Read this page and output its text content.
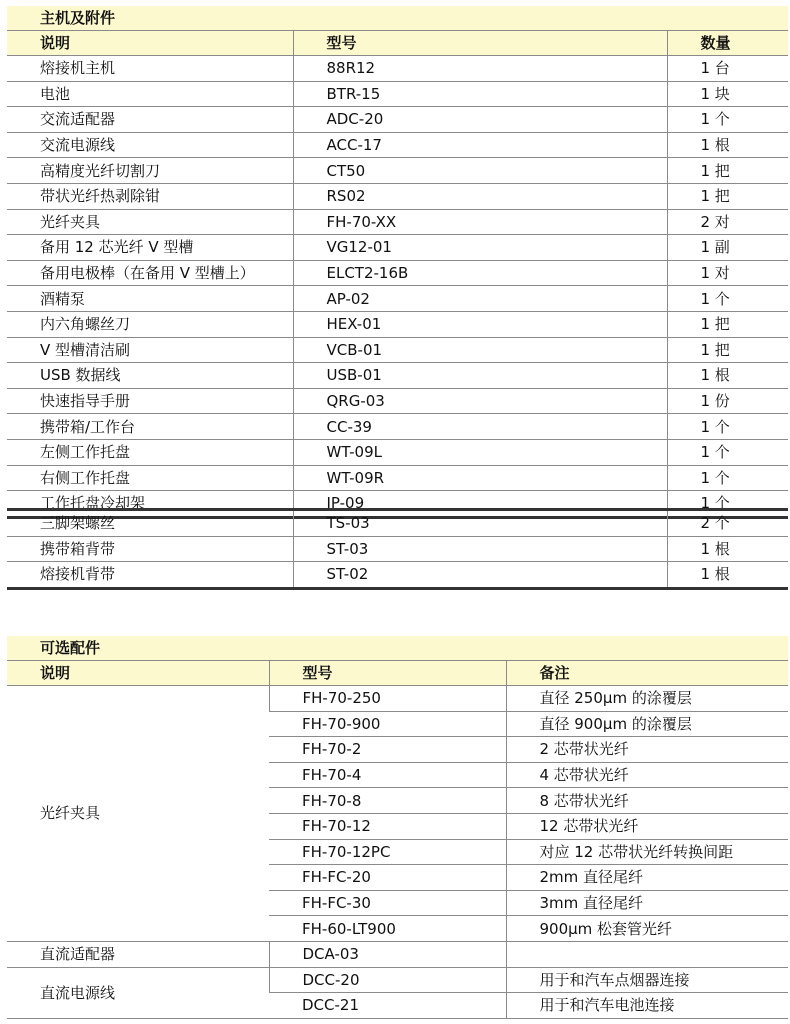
主机及附件		
说明	型号	数量
熔接机主机	88R12	1 台
电池	BTR-15	1 块
交流适配器	ADC-20	1 个
交流电源线	ACC-17	1 根
高精度光纤切割刀	CT50	1 把
带状光纤热剥除钳	RS02	1 把
光纤夹具	FH-70-XX	2 对
备用 12 芯光纤 V 型槽	VG12-01	1 副
备用电极棒（在备用 V 型槽上）	ELCT2-16B	1 对
酒精泵	AP-02	1 个
内六角螺丝刀	HEX-01	1 把
V 型槽清洁刷	VCB-01	1 把
USB 数据线	USB-01	1 根
快速指导手册	QRG-03	1 份
携带箱/工作台	CC-39	1 个
左侧工作托盘	WT-09L	1 个
右侧工作托盘	WT-09R	1 个
工作托盘冷却架	JP-09	1 个
三脚架螺丝	TS-03	2 个
携带箱背带	ST-03	1 根
熔接机背带	ST-02	1 根
可选配件		
说明	型号	备注
光纤夹具	FH-70-250	直径 250μm 的涂覆层
	FH-70-900	直径 900μm 的涂覆层
	FH-70-2	2 芯带状光纤
	FH-70-4	4 芯带状光纤
	FH-70-8	8 芯带状光纤
	FH-70-12	12 芯带状光纤
	FH-70-12PC	对应 12 芯带状光纤转换间距
	FH-FC-20	2mm 直径尾纤
	FH-FC-30	3mm 直径尾纤
	FH-60-LT900	900μm 松套管光纤
直流适配器	DCA-03	
直流电源线	DCC-20	用于和汽车点烟器连接
	DCC-21	用于和汽车电池连接
